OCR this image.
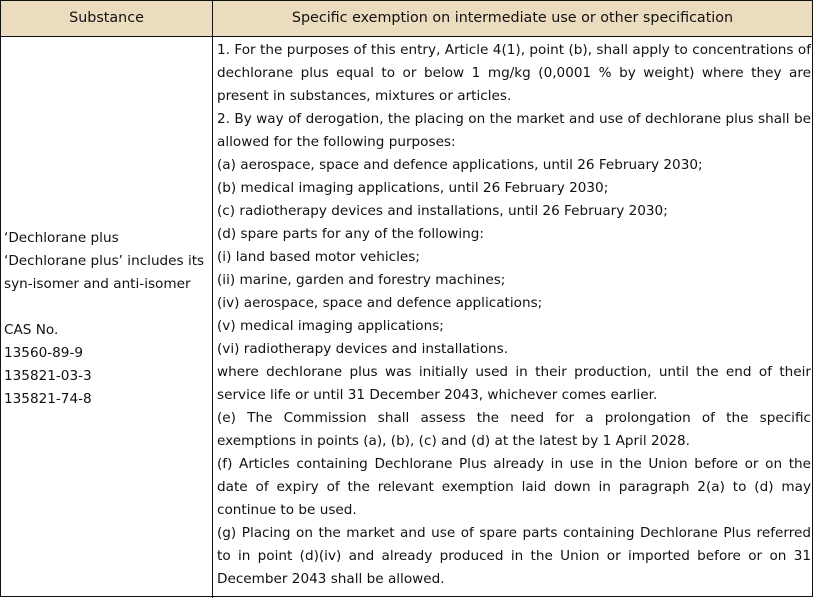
Substance	Specific exemption on intermediate use or other specification
‘Dechlorane plus
‘Dechlorane plus’ includes its
syn-isomer and anti-isomer
CAS No.
13560-89-9
135821-03-3
135821-74-8

1. For the purposes of this entry, Article 4(1), point (b), shall apply to concentrations of dechlorane plus equal to or below 1 mg/kg (0,0001 % by weight) where they are present in substances, mixtures or articles.

2. By way of derogation, the placing on the market and use of dechlorane plus shall be allowed for the following purposes:

(a) aerospace, space and defence applications, until 26 February 2030;

(b) medical imaging applications, until 26 February 2030;

(c) radiotherapy devices and installations, until 26 February 2030;

(d) spare parts for any of the following:

(i) land based motor vehicles;

(ii) marine, garden and forestry machines;

(iv) aerospace, space and defence applications;

(v) medical imaging applications;

(vi) radiotherapy devices and installations.

where dechlorane plus was initially used in their production, until the end of their service life or until 31 December 2043, whichever comes earlier.

(e) The Commission shall assess the need for a prolongation of the specific exemptions in points (a), (b), (c) and (d) at the latest by 1 April 2028.

(f) Articles containing Dechlorane Plus already in use in the Union before or on the date of expiry of the relevant exemption laid down in paragraph 2(a) to (d) may continue to be used.

(g) Placing on the market and use of spare parts containing Dechlorane Plus referred to in point (d)(iv) and already produced in the Union or imported before or on 31 December 2043 shall be allowed.
